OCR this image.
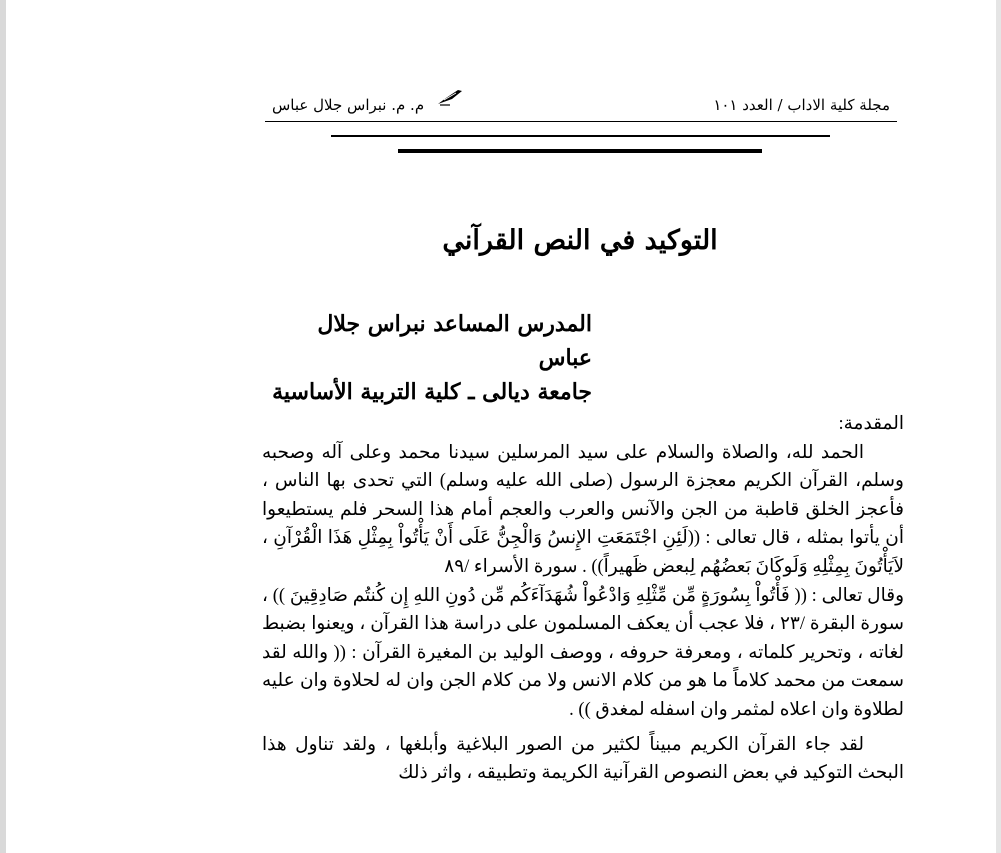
مجلة كلية الاداب / العدد ١٠١
م. م. نبراس جلال عباس
التوكيد في النص القرآني
المدرس المساعد نبراس جلال عباس
جامعة ديالى ـ كلية التربية الأساسية

المقدمة:

الحمد لله، والصلاة والسلام على سيد المرسلين سيدنا محمد وعلى آله وصحبه وسلم، القرآن الكريم معجزة الرسول (صلى الله عليه وسلم) التي تحدى بها الناس ، فأعجز الخلق قاطبة من الجن والآنس والعرب والعجم أمام هذا السحر فلم يستطيعوا أن يأتوا بمثله ، قال تعالى : ((لَئِنِ اجْتَمَعَتِ الإِنسُ وَالْجِنُّ عَلَى أَنْ يَأْتُواْ بِمِثْلِ هَذَا الْقُرْآنِ ، لاَيَأْتُونَ بِمِثْلِهِ وَلَوكَانَ بَعضُهُم لِبعض ظَهيراً)) . سورة الأسراء /٨٩

وقال تعالى : (( فَأْتُواْ بِسُورَةٍ مِّن مِّثْلِهِ وَادْعُواْ شُهَدَآءَكُم مِّن دُونِ اللهِ إِن كُنتُم صَادِقِينَ )) ، سورة البقرة /٢٣ ، فلا عجب أن يعكف المسلمون على دراسة هذا القرآن ، ويعنوا بضبط لغاته ، وتحرير كلماته ، ومعرفة حروفه ، ووصف الوليد بن المغيرة القرآن : (( والله لقد سمعت من محمد كلاماً ما هو من كلام الانس ولا من كلام الجن وان له لحلاوة وان عليه لطلاوة وان اعلاه لمثمر وان اسفله لمغدق )) .

لقد جاء القرآن الكريم مبيناً لكثير من الصور البلاغية وأبلغها ، ولقد تناول هذا البحث التوكيد في بعض النصوص القرآنية الكريمة وتطبيقه ، واثر ذلك
